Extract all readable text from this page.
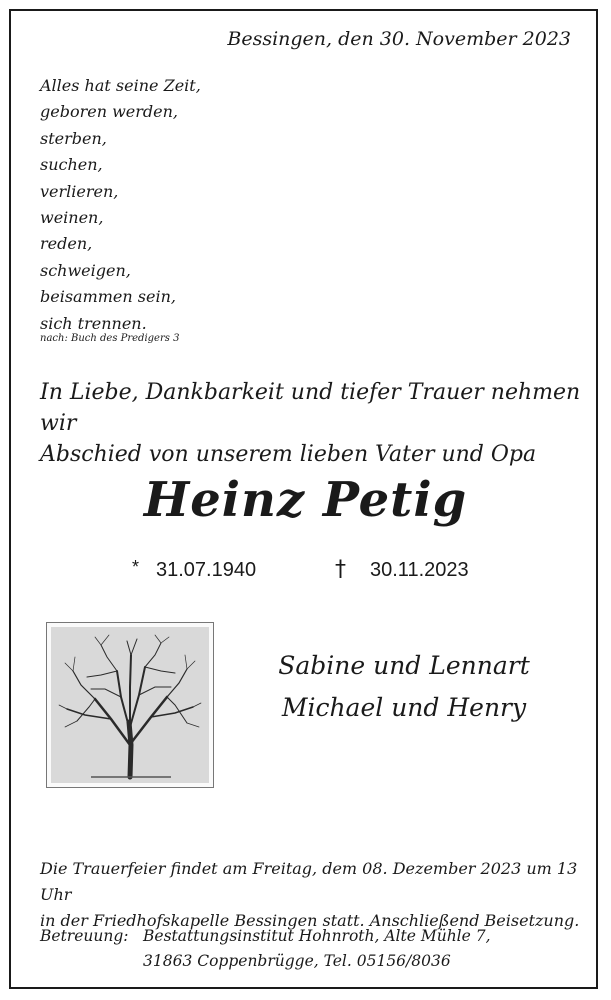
Bessingen, den 30. November 2023
Alles hat seine Zeit,
geboren werden,
sterben,
suchen,
verlieren,
weinen,
reden,
schweigen,
beisammen sein,
sich trennen.
nach: Buch des Predigers 3
In Liebe, Dankbarkeit und tiefer Trauer nehmen wir
Abschied von unserem lieben Vater und Opa
Heinz Petig
* 31.07.1940	† 30.11.2023
Sabine und Lennart
Michael und Henry
Die Trauerfeier findet am Freitag, dem 08. Dezember 2023 um 13 Uhr
in der Friedhofskapelle Bessingen statt. Anschließend Beisetzung.
Betreuung: Bestattungsinstitut Hohnroth, Alte Mühle 7,
31863 Coppenbrügge, Tel. 05156/8036
